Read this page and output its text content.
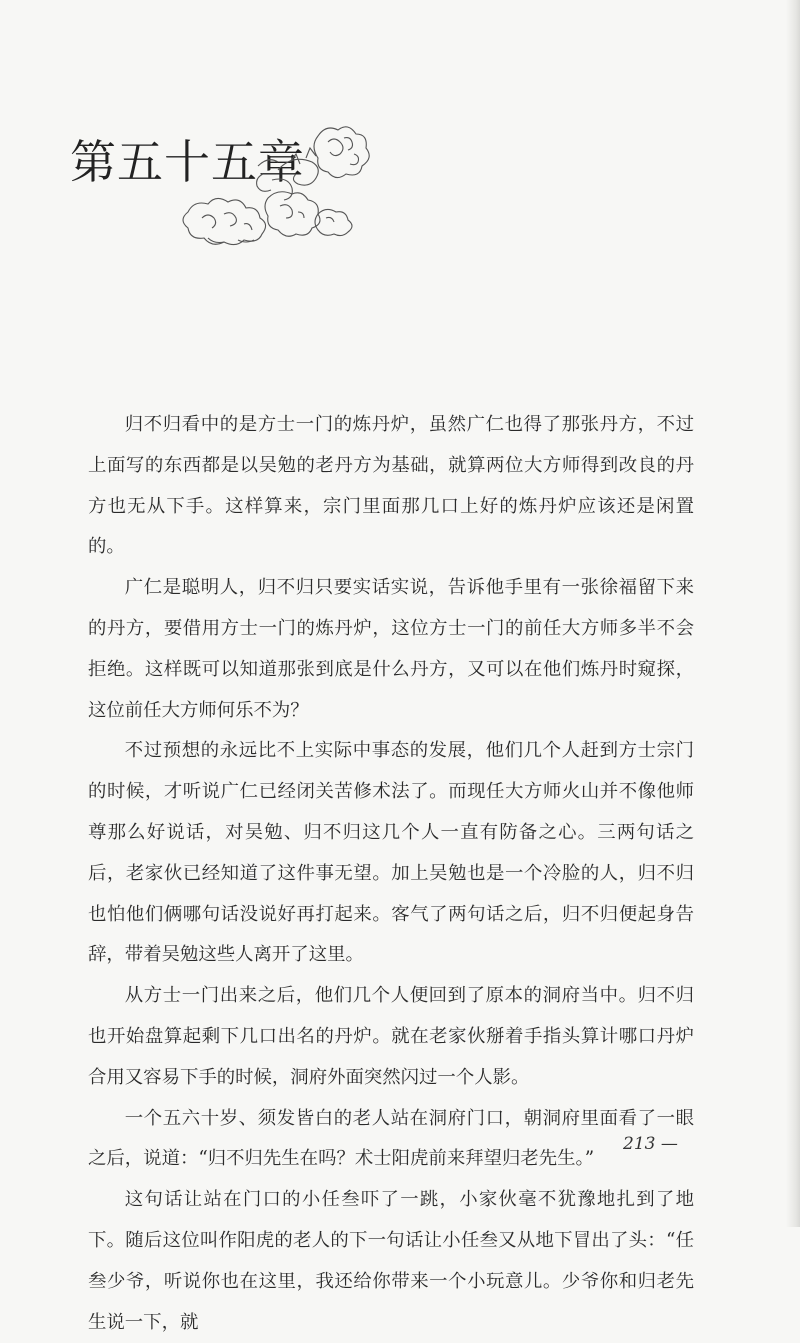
第五十五章

归不归看中的是方士一门的炼丹炉，虽然广仁也得了那张丹方，不过上面写的东西都是以吴勉的老丹方为基础，就算两位大方师得到改良的丹方也无从下手。这样算来，宗门里面那几口上好的炼丹炉应该还是闲置的。

广仁是聪明人，归不归只要实话实说，告诉他手里有一张徐福留下来的丹方，要借用方士一门的炼丹炉，这位方士一门的前任大方师多半不会拒绝。这样既可以知道那张到底是什么丹方，又可以在他们炼丹时窥探，这位前任大方师何乐不为？

不过预想的永远比不上实际中事态的发展，他们几个人赶到方士宗门的时候，才听说广仁已经闭关苦修术法了。而现任大方师火山并不像他师尊那么好说话，对吴勉、归不归这几个人一直有防备之心。三两句话之后，老家伙已经知道了这件事无望。加上吴勉也是一个冷脸的人，归不归也怕他们俩哪句话没说好再打起来。客气了两句话之后，归不归便起身告辞，带着吴勉这些人离开了这里。

从方士一门出来之后，他们几个人便回到了原本的洞府当中。归不归也开始盘算起剩下几口出名的丹炉。就在老家伙掰着手指头算计哪口丹炉合用又容易下手的时候，洞府外面突然闪过一个人影。

一个五六十岁、须发皆白的老人站在洞府门口，朝洞府里面看了一眼之后，说道：“归不归先生在吗？术士阳虎前来拜望归老先生。”

这句话让站在门口的小任叁吓了一跳，小家伙毫不犹豫地扎到了地下。随后这位叫作阳虎的老人的下一句话让小任叁又从地下冒出了头：“任叁少爷，听说你也在这里，我还给你带来一个小玩意儿。少爷你和归老先生说一下，就

213 —
